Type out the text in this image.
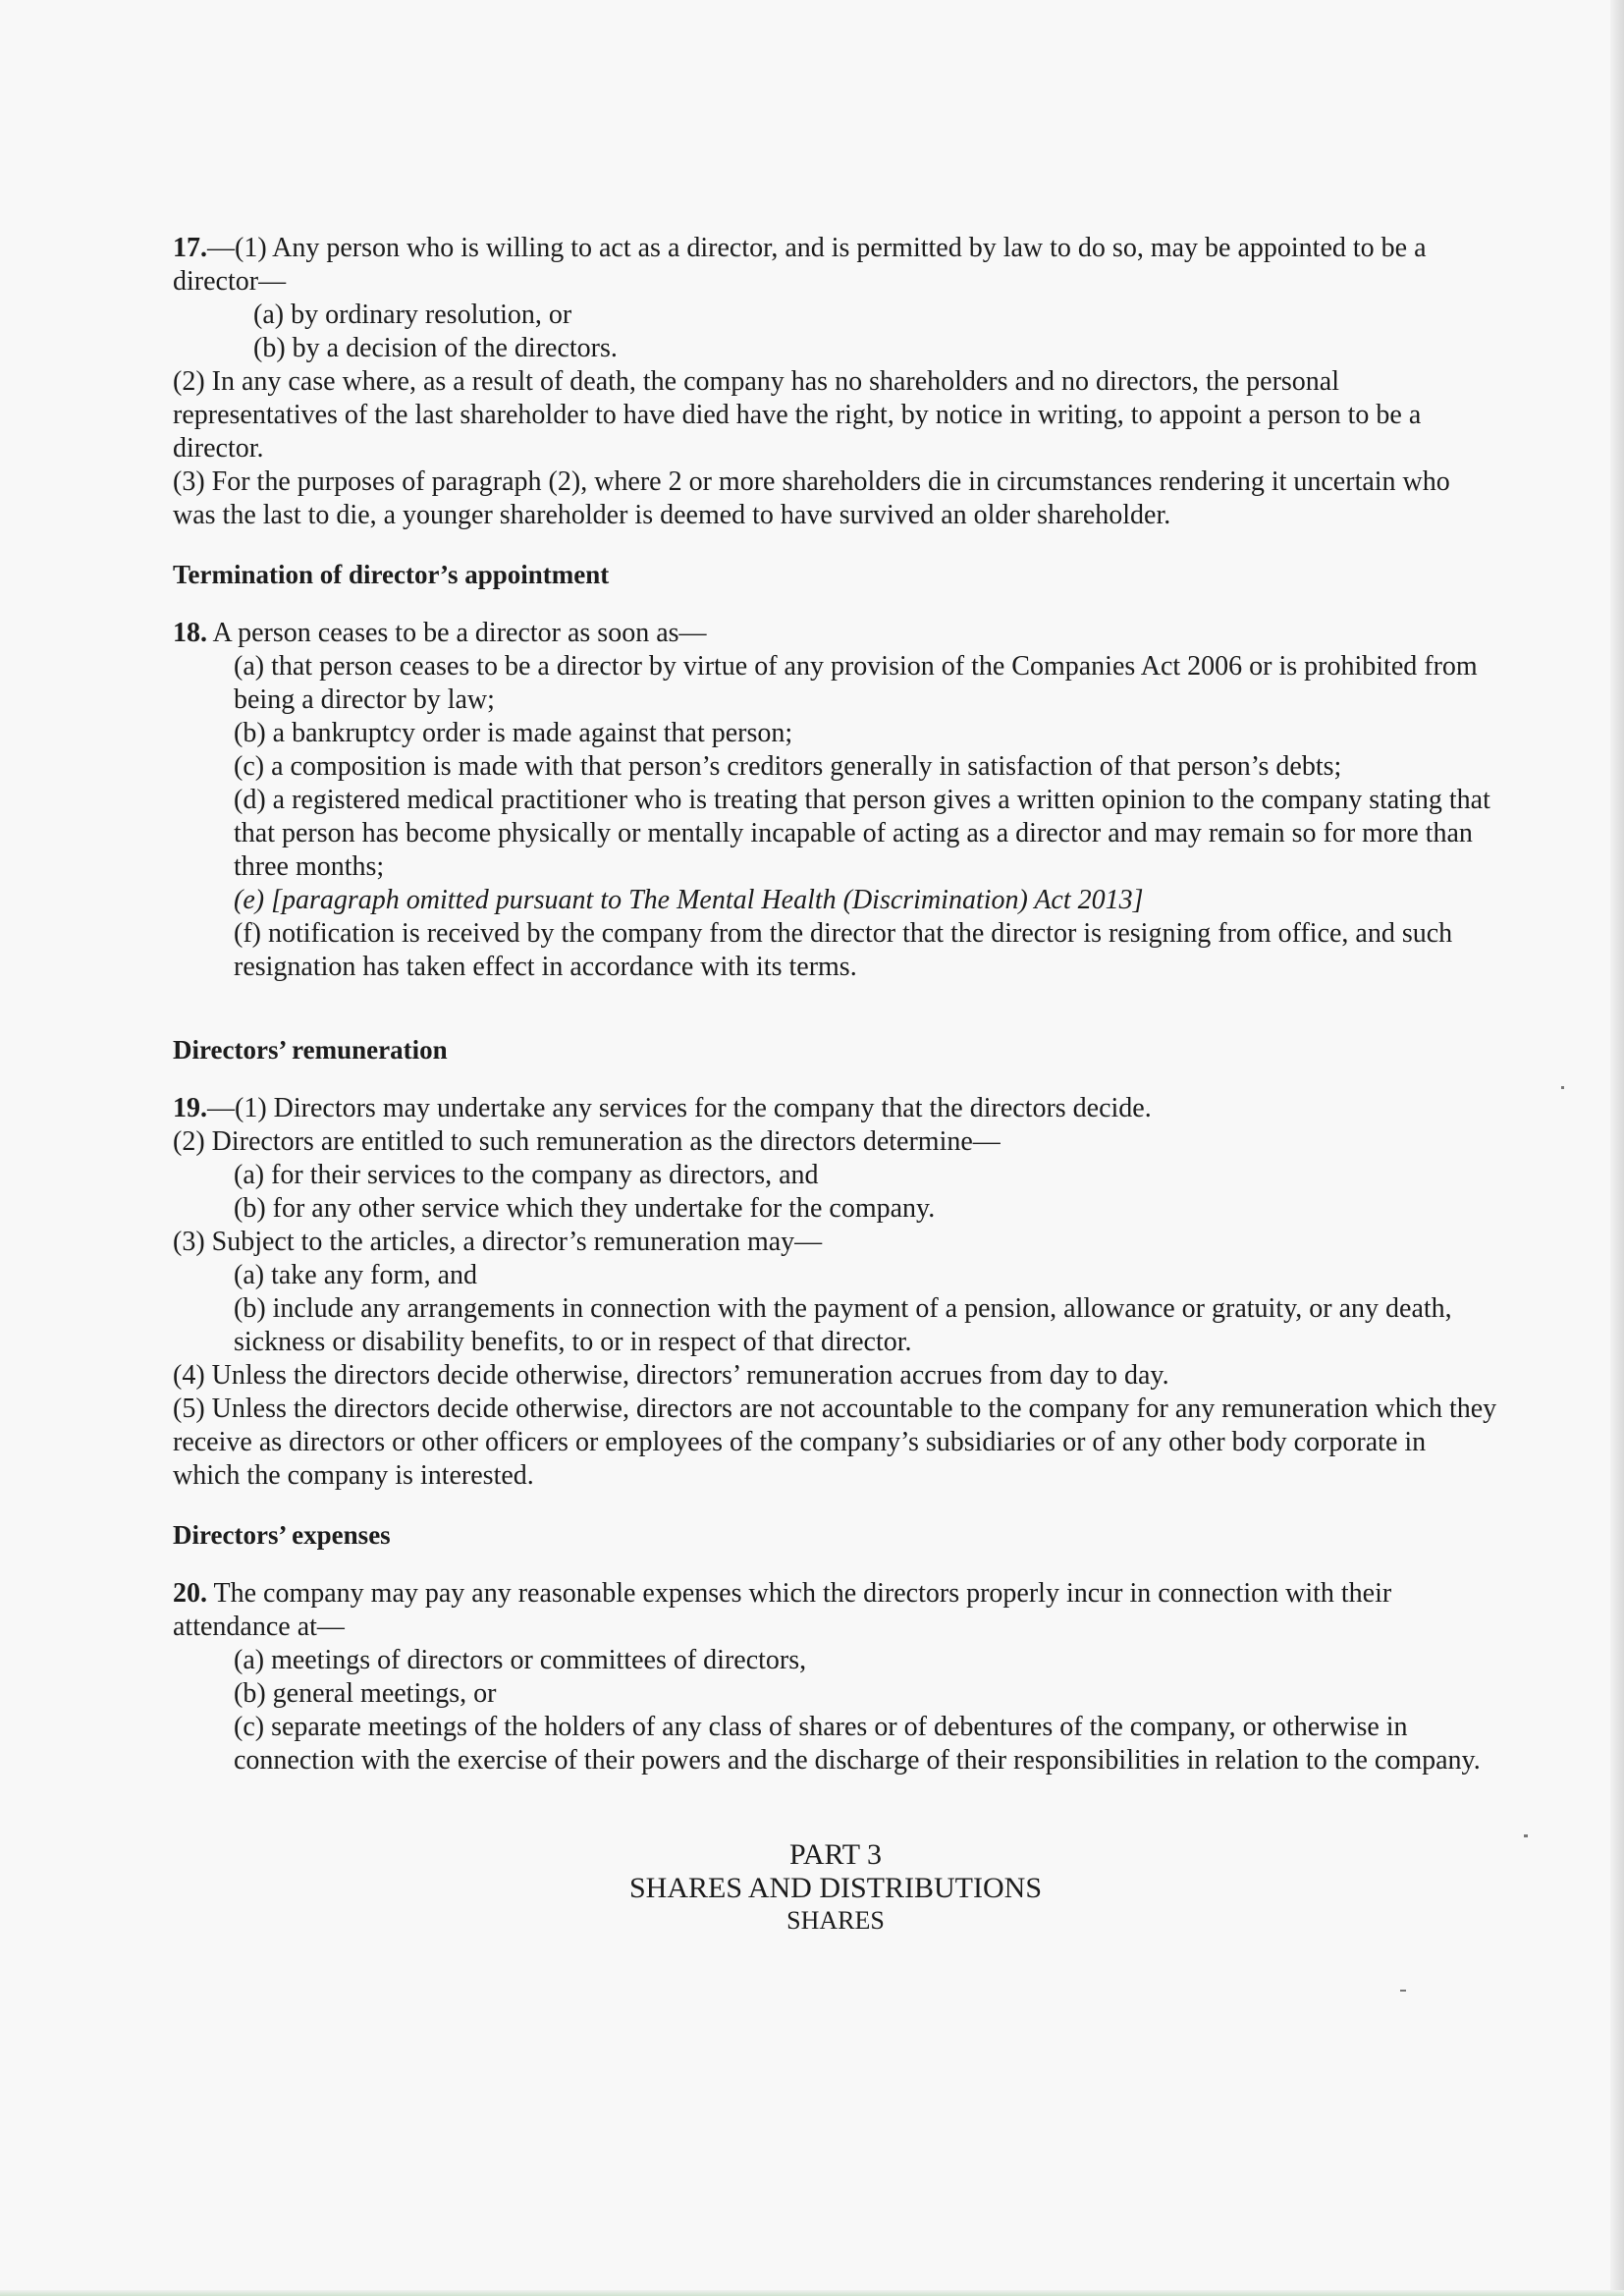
17.—(1) Any person who is willing to act as a director, and is permitted by law to do so, may be appointed to be a director—

(a) by ordinary resolution, or

(b) by a decision of the directors.

(2) In any case where, as a result of death, the company has no shareholders and no directors, the personal representatives of the last shareholder to have died have the right, by notice in writing, to appoint a person to be a director.

(3) For the purposes of paragraph (2), where 2 or more shareholders die in circumstances rendering it uncertain who was the last to die, a younger shareholder is deemed to have survived an older shareholder.

Termination of director’s appointment

18. A person ceases to be a director as soon as—

(a) that person ceases to be a director by virtue of any provision of the Companies Act 2006 or is prohibited from being a director by law;

(b) a bankruptcy order is made against that person;

(c) a composition is made with that person’s creditors generally in satisfaction of that person’s debts;

(d) a registered medical practitioner who is treating that person gives a written opinion to the company stating that that person has become physically or mentally incapable of acting as a director and may remain so for more than three months;

(e) [paragraph omitted pursuant to The Mental Health (Discrimination) Act 2013]

(f) notification is received by the company from the director that the director is resigning from office, and such resignation has taken effect in accordance with its terms.

Directors’ remuneration

19.—(1) Directors may undertake any services for the company that the directors decide.

(2) Directors are entitled to such remuneration as the directors determine—

(a) for their services to the company as directors, and

(b) for any other service which they undertake for the company.

(3) Subject to the articles, a director’s remuneration may—

(a) take any form, and

(b) include any arrangements in connection with the payment of a pension, allowance or gratuity, or any death, sickness or disability benefits, to or in respect of that director.

(4) Unless the directors decide otherwise, directors’ remuneration accrues from day to day.

(5) Unless the directors decide otherwise, directors are not accountable to the company for any remuneration which they receive as directors or other officers or employees of the company’s subsidiaries or of any other body corporate in which the company is interested.

Directors’ expenses

20. The company may pay any reasonable expenses which the directors properly incur in connection with their attendance at—

(a) meetings of directors or committees of directors,

(b) general meetings, or

(c) separate meetings of the holders of any class of shares or of debentures of the company, or otherwise in connection with the exercise of their powers and the discharge of their responsibilities in relation to the company.

PART 3
SHARES AND DISTRIBUTIONS
SHARES
